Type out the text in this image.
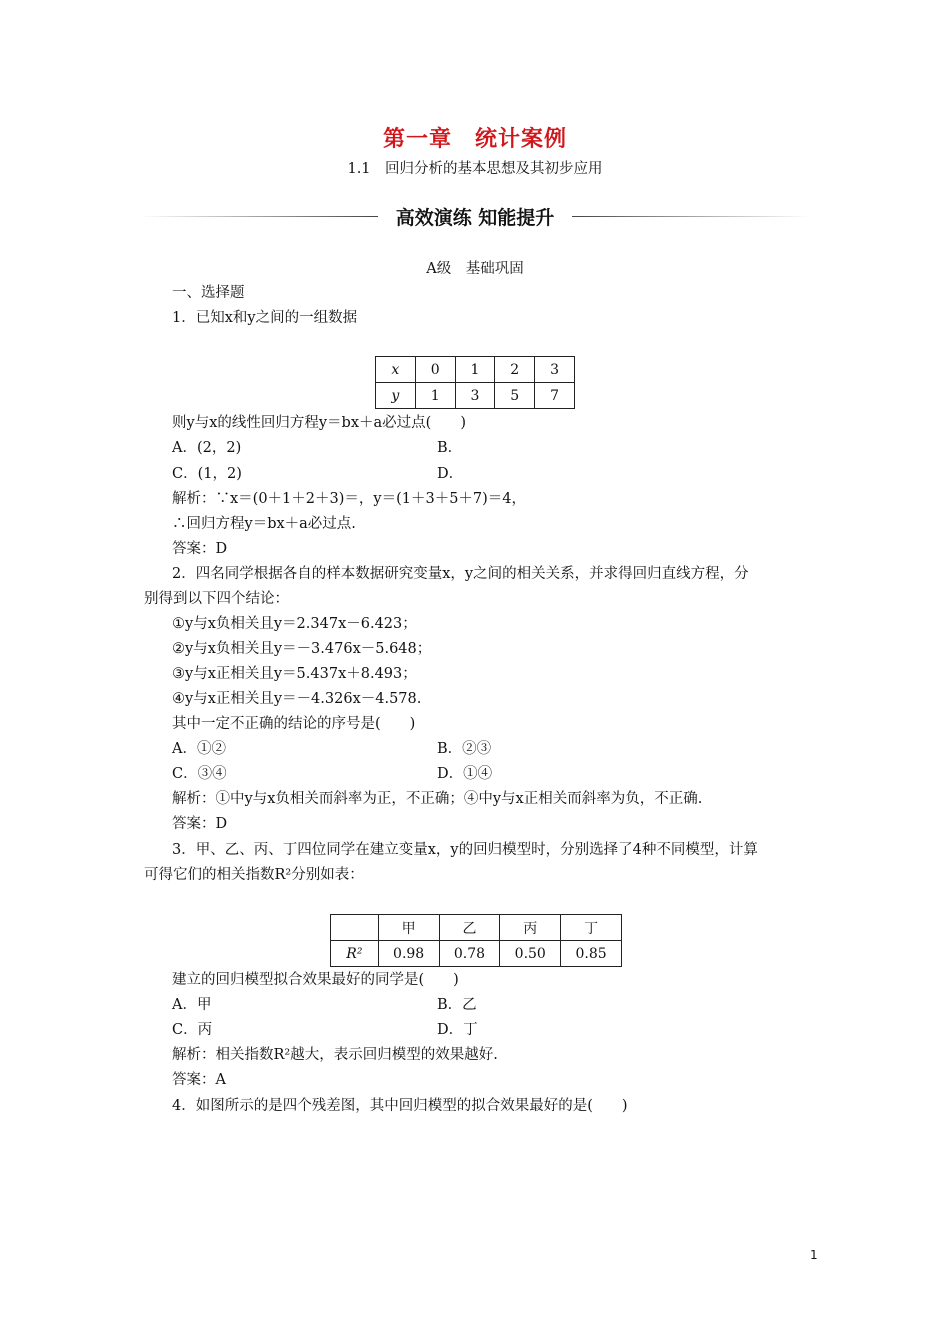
第一章　统计案例
1.1　回归分析的基本思想及其初步应用
高效演练 知能提升
A级　基础巩固
一、选择题
1．已知x和y之间的一组数据
x	0	1	2	3
y	1	3	5	7
则y与x的线性回归方程y＝bx＋a必过点(　　)
A．(2，2)	B．
C．(1，2)	D．
解析：∵x＝(0＋1＋2＋3)＝，y＝(1＋3＋5＋7)＝4，
∴回归方程y＝bx＋a必过点.
答案：D
2．四名同学根据各自的样本数据研究变量x，y之间的相关关系，并求得回归直线方程，分
别得到以下四个结论：
①y与x负相关且y＝2.347x－6.423；
②y与x负相关且y＝－3.476x－5.648；
③y与x正相关且y＝5.437x＋8.493；
④y与x正相关且y＝－4.326x－4.578.
其中一定不正确的结论的序号是(　　)
A．①②	B．②③
C．③④	D．①④
解析：①中y与x负相关而斜率为正，不正确；④中y与x正相关而斜率为负，不正确.
答案：D
3．甲、乙、丙、丁四位同学在建立变量x，y的回归模型时，分别选择了4种不同模型，计算
可得它们的相关指数R²分别如表：
	甲	乙	丙	丁
R²	0.98	0.78	0.50	0.85
建立的回归模型拟合效果最好的同学是(　　)
A．甲	B．乙
C．丙	D．丁
解析：相关指数R²越大，表示回归模型的效果越好.
答案：A
4．如图所示的是四个残差图，其中回归模型的拟合效果最好的是(　　)
1
